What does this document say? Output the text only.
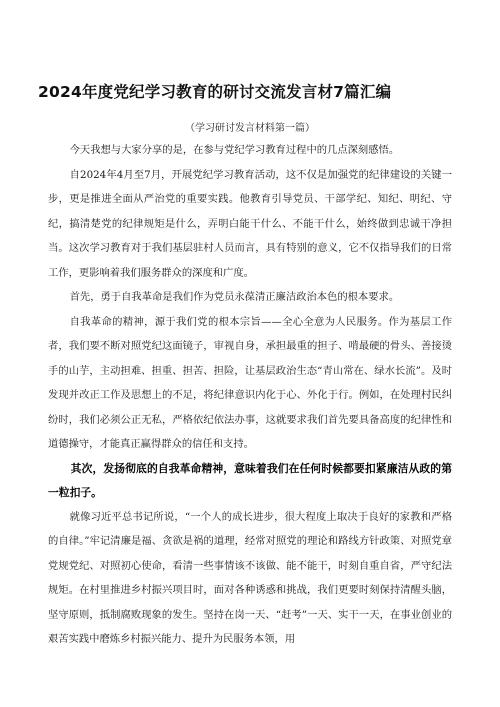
2024年度党纪学习教育的研讨交流发言材7篇汇编
（学习研讨发言材料第一篇）

今天我想与大家分享的是，在参与党纪学习教育过程中的几点深刻感悟。

自2024年4月至7月，开展党纪学习教育活动，这不仅是加强党的纪律建设的关键一步，更是推进全面从严治党的重要实践。他教育引导党员、干部学纪、知纪、明纪、守纪，搞清楚党的纪律规矩是什么，弄明白能干什么、不能干什么，始终做到忠诚干净担当。这次学习教育对于我们基层驻村人员而言，具有特别的意义，它不仅指导我们的日常工作，更影响着我们服务群众的深度和广度。

首先，勇于自我革命是我们作为党员永葆清正廉洁政治本色的根本要求。

自我革命的精神，源于我们党的根本宗旨——全心全意为人民服务。作为基层工作者，我们要不断对照党纪这面镜子，审视自身，承担最重的担子、啃最硬的骨头、善接烫手的山芋，主动担难、担重、担苦、担险，让基层政治生态“青山常在、绿水长流”。及时发现并改正工作及思想上的不足，将纪律意识内化于心、外化于行。例如，在处理村民纠纷时，我们必须公正无私，严格依纪依法办事，这就要求我们首先要具备高度的纪律性和道德操守，才能真正赢得群众的信任和支持。

其次，发扬彻底的自我革命精神，意味着我们在任何时候都要扣紧廉洁从政的第一粒扣子。

就像习近平总书记所说，“一个人的成长进步，很大程度上取决于良好的家教和严格的自律。”牢记清廉是福、贪欲是祸的道理，经常对照党的理论和路线方针政策、对照党章党规党纪、对照初心使命，看清一些事情该不该做、能不能干，时刻自重自省，严守纪法规矩。在村里推进乡村振兴项目时，面对各种诱惑和挑战，我们更要时刻保持清醒头脑，坚守原则，抵制腐败现象的发生。坚持在岗一天、“赶考”一天、实干一天，在事业创业的艰苦实践中磨炼乡村振兴能力、提升为民服务本领，用
